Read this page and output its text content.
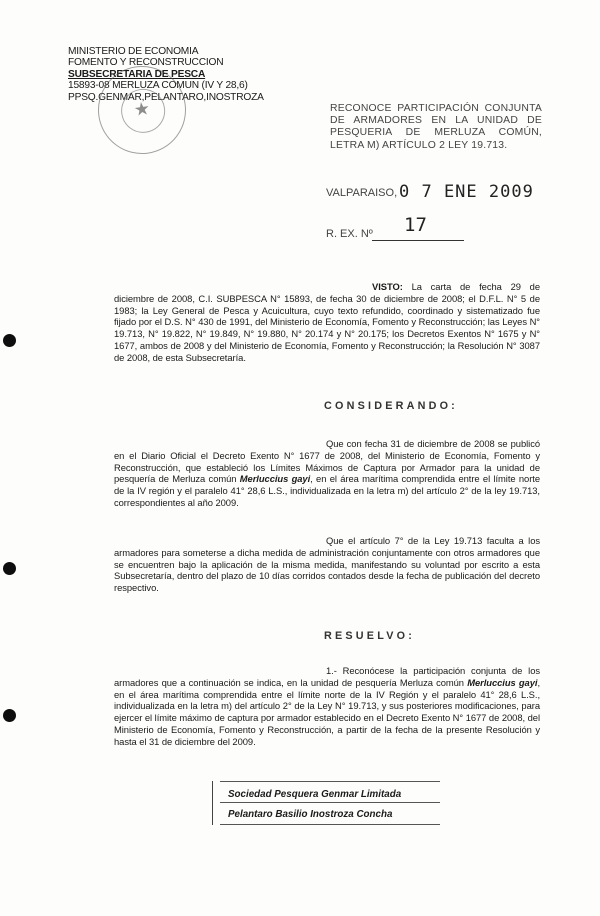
MINISTERIO DE ECONOMIA
FOMENTO Y RECONSTRUCCION
SUBSECRETARIA DE PESCA
15893-08 MERLUZA COMUN (IV Y 28,6)
PPSQ.GENMAR,PELANTARO,INOSTROZA
★	RECONOCE PARTICIPACIÓN CONJUNTA DE ARMADORES EN LA UNIDAD DE PESQUERIA DE MERLUZA COMÚN, LETRA M) ARTÍCULO 2 LEY 19.713.
VALPARAISO, 0 7 ENE 2009
R. EX. Nº 17
VISTO: La carta de fecha 29 de diciembre de 2008, C.I. SUBPESCA N° 15893, de fecha 30 de diciembre de 2008; el D.F.L. N° 5 de 1983; la Ley General de Pesca y Acuicultura, cuyo texto refundido, coordinado y sistematizado fue fijado por el D.S. N° 430 de 1991, del Ministerio de Economía, Fomento y Reconstrucción; las Leyes N° 19.713, N° 19.822, N° 19.849, N° 19.880, N° 20.174 y N° 20.175; los Decretos Exentos N° 1675 y N° 1677, ambos de 2008 y del Ministerio de Economía, Fomento y Reconstrucción; la Resolución N° 3087 de 2008, de esta Subsecretaría.
CONSIDERANDO:
Que con fecha 31 de diciembre de 2008 se publicó en el Diario Oficial el Decreto Exento N° 1677 de 2008, del Ministerio de Economía, Fomento y Reconstrucción, que estableció los Límites Máximos de Captura por Armador para la unidad de pesquería de Merluza común Merluccius gayi, en el área marítima comprendida entre el límite norte de la IV región y el paralelo 41° 28,6 L.S., individualizada en la letra m) del artículo 2° de la ley 19.713, correspondientes al año 2009.
Que el artículo 7° de la Ley 19.713 faculta a los armadores para someterse a dicha medida de administración conjuntamente con otros armadores que se encuentren bajo la aplicación de la misma medida, manifestando su voluntad por escrito a esta Subsecretaría, dentro del plazo de 10 días corridos contados desde la fecha de publicación del decreto respectivo.
RESUELVO:
1.- Reconócese la participación conjunta de los armadores que a continuación se indica, en la unidad de pesquería Merluza común Merluccius gayi, en el área marítima comprendida entre el límite norte de la IV Región y el paralelo 41° 28,6 L.S., individualizada en la letra m) del artículo 2° de la Ley N° 19.713, y sus posteriores modificaciones, para ejercer el límite máximo de captura por armador establecido en el Decreto Exento N° 1677 de 2008, del Ministerio de Economía, Fomento y Reconstrucción, a partir de la fecha de la presente Resolución y hasta el 31 de diciembre del 2009.
Sociedad Pesquera Genmar Limitada
Pelantaro Basilio Inostroza Concha
